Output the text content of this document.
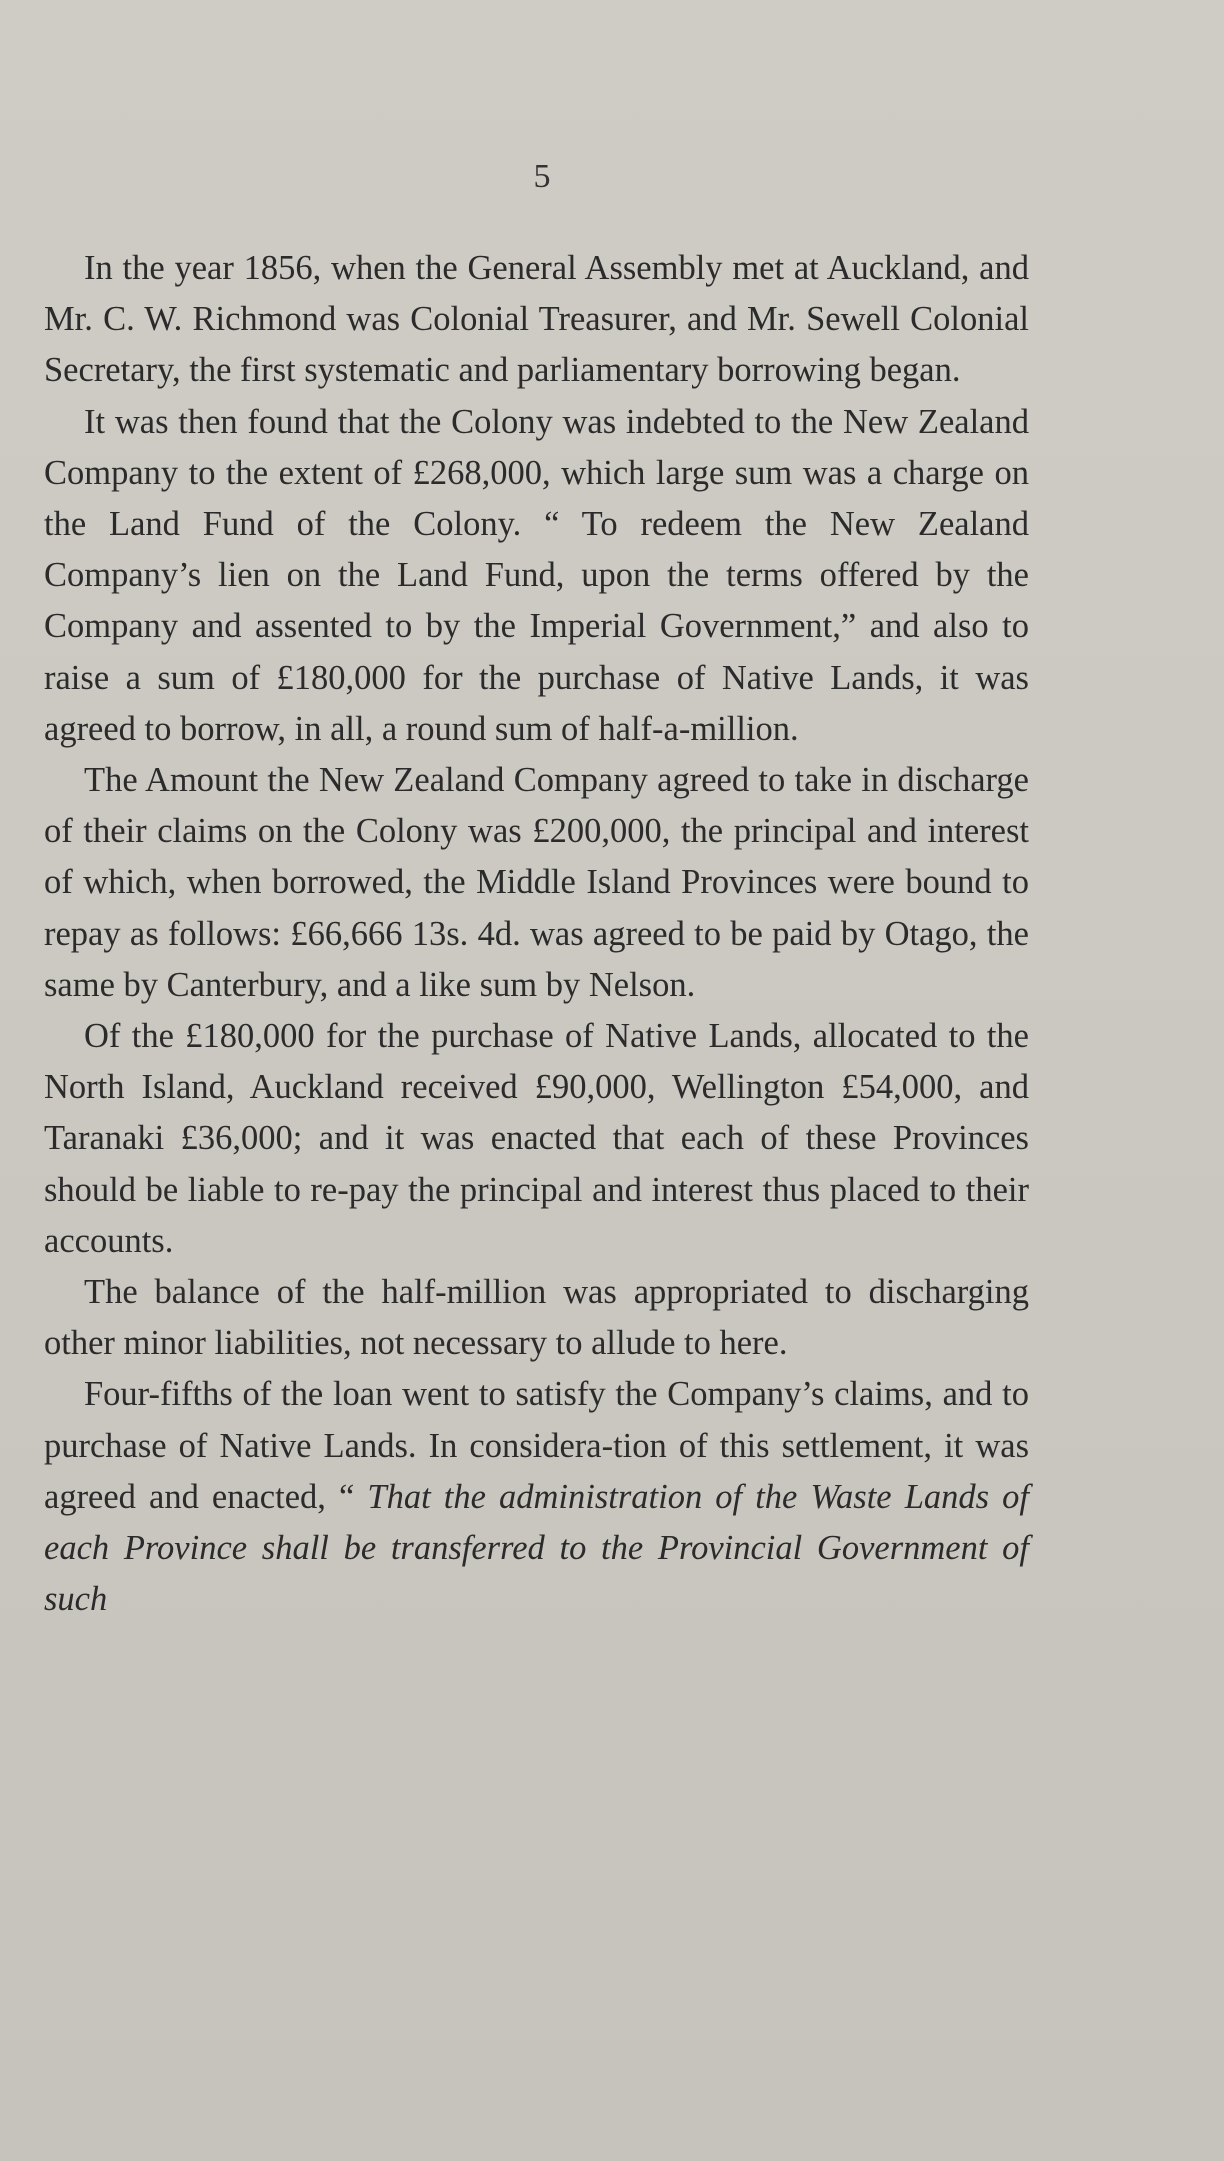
5

In the year 1856, when the General Assembly met at Auckland, and Mr. C. W. Richmond was Colonial Treasurer, and Mr. Sewell Colonial Secretary, the first systematic and parliamentary borrowing began.

It was then found that the Colony was indebted to the New Zealand Company to the extent of £268,000, which large sum was a charge on the Land Fund of the Colony. “ To redeem the New Zealand Company’s lien on the Land Fund, upon the terms offered by the Company and assented to by the Imperial Government,” and also to raise a sum of £180,000 for the purchase of Native Lands, it was agreed to borrow, in all, a round sum of half-a-million.

The Amount the New Zealand Company agreed to take in discharge of their claims on the Colony was £200,000, the principal and interest of which, when borrowed, the Middle Island Provinces were bound to repay as follows: £66,666 13s. 4d. was agreed to be paid by Otago, the same by Canterbury, and a like sum by Nelson.

Of the £180,000 for the purchase of Native Lands, allocated to the North Island, Auckland received £90,000, Wellington £54,000, and Taranaki £36,000; and it was enacted that each of these Provinces should be liable to re-pay the principal and interest thus placed to their accounts.

The balance of the half-million was appropriated to discharging other minor liabilities, not necessary to allude to here.

Four-fifths of the loan went to satisfy the Company’s claims, and to purchase of Native Lands. In considera-tion of this settlement, it was agreed and enacted, “ That the administration of the Waste Lands of each Province shall be transferred to the Provincial Government of such
